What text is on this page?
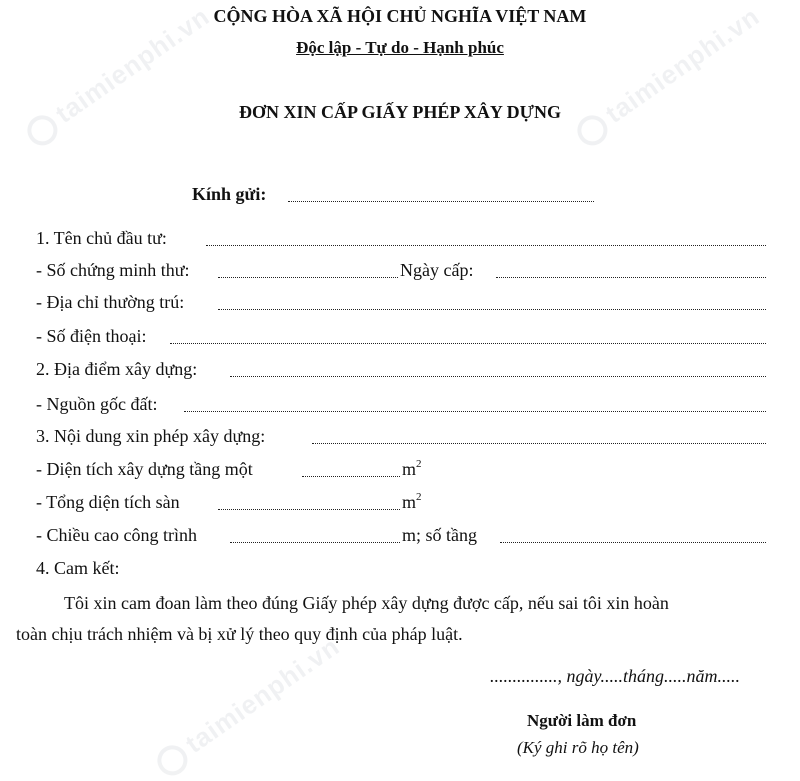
taimienphi.vn	taimienphi.vn
taimienphi.vn
CỘNG HÒA XÃ HỘI CHỦ NGHĨA VIỆT NAM
Độc lập - Tự do - Hạnh phúc
ĐƠN XIN CẤP GIẤY PHÉP XÂY DỰNG
Kính gửi:
1. Tên chủ đầu tư:
- Số chứng minh thư:	Ngày cấp:
- Địa chỉ thường trú:
- Số điện thoại:
2. Địa điểm xây dựng:
- Nguồn gốc đất:
3. Nội dung xin phép xây dựng:
- Diện tích xây dựng tầng một	$m^2$
- Tổng diện tích sàn	$m^2$
- Chiều cao công trình	m; số tầng
4. Cam kết:
Tôi xin cam đoan làm theo đúng Giấy phép xây dựng được cấp, nếu sai tôi xin hoàn
toàn chịu trách nhiệm và bị xử lý theo quy định của pháp luật.
..............., ngày.....tháng.....năm.....
Người làm đơn
(Ký ghi rõ họ tên)
